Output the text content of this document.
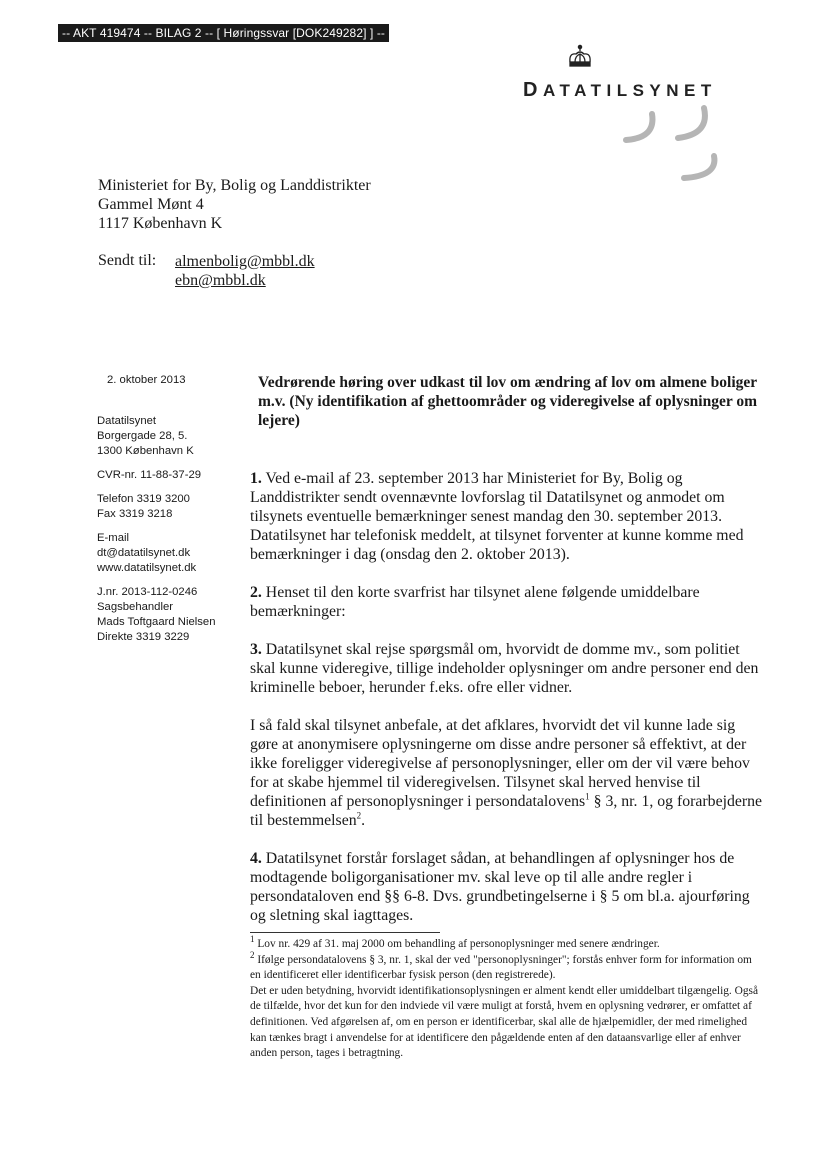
-- AKT 419474 -- BILAG 2 -- [ Høringssvar [DOK249282] ] --
DATATILSYNET
Ministeriet for By, Bolig og Landdistrikter
Gammel Mønt 4
1117 København K
Sendt til: almenbolig@mbbl.dk
ebn@mbbl.dk
2. oktober 2013
Datatilsynet
Borgergade 28, 5.
1300 København K
CVR-nr. 11-88-37-29
Telefon 3319 3200
Fax 3319 3218
E-mail
dt@datatilsynet.dk
www.datatilsynet.dk
J.nr. 2013-112-0246
Sagsbehandler
Mads Toftgaard Nielsen
Direkte 3319 3229
Vedrørende høring over udkast til lov om ændring af lov om almene boliger m.v. (Ny identifikation af ghettoområder og videregivelse af oplysninger om lejere)

1. Ved e-mail af 23. september 2013 har Ministeriet for By, Bolig og Landdistrikter sendt ovennævnte lovforslag til Datatilsynet og anmodet om tilsynets eventuelle bemærkninger senest mandag den 30. september 2013. Datatilsynet har telefonisk meddelt, at tilsynet forventer at kunne komme med bemærkninger i dag (onsdag den 2. oktober 2013).

2. Henset til den korte svarfrist har tilsynet alene følgende umiddelbare bemærkninger:

3. Datatilsynet skal rejse spørgsmål om, hvorvidt de domme mv., som politiet skal kunne videregive, tillige indeholder oplysninger om andre personer end den kriminelle beboer, herunder f.eks. ofre eller vidner.

I så fald skal tilsynet anbefale, at det afklares, hvorvidt det vil kunne lade sig gøre at anonymisere oplysningerne om disse andre personer så effektivt, at der ikke foreligger videregivelse af personoplysninger, eller om der vil være behov for at skabe hjemmel til videregivelsen. Tilsynet skal herved henvise til definitionen af personoplysninger i persondatalovens$^1$ § 3, nr. 1, og forarbejderne til bestemmelsen$^2$.

4. Datatilsynet forstår forslaget sådan, at behandlingen af oplysninger hos de modtagende boligorganisationer mv. skal leve op til alle andre regler i persondataloven end §§ 6-8. Dvs. grundbetingelserne i § 5 om bl.a. ajourføring og sletning skal iagttages.

$^1$ Lov nr. 429 af 31. maj 2000 om behandling af personoplysninger med senere ændringer.
$^2$ Ifølge persondatalovens § 3, nr. 1, skal der ved "personoplysninger"; forstås enhver form for information om en identificeret eller identificerbar fysisk person (den registrerede).
Det er uden betydning, hvorvidt identifikationsoplysningen er alment kendt eller umiddelbart tilgængelig. Også de tilfælde, hvor det kun for den indviede vil være muligt at forstå, hvem en oplysning vedrører, er omfattet af definitionen. Ved afgørelsen af, om en person er identificerbar, skal alle de hjælpemidler, der med rimelighed kan tænkes bragt i anvendelse for at identificere den pågældende enten af den dataansvarlige eller af enhver anden person, tages i betragtning.
